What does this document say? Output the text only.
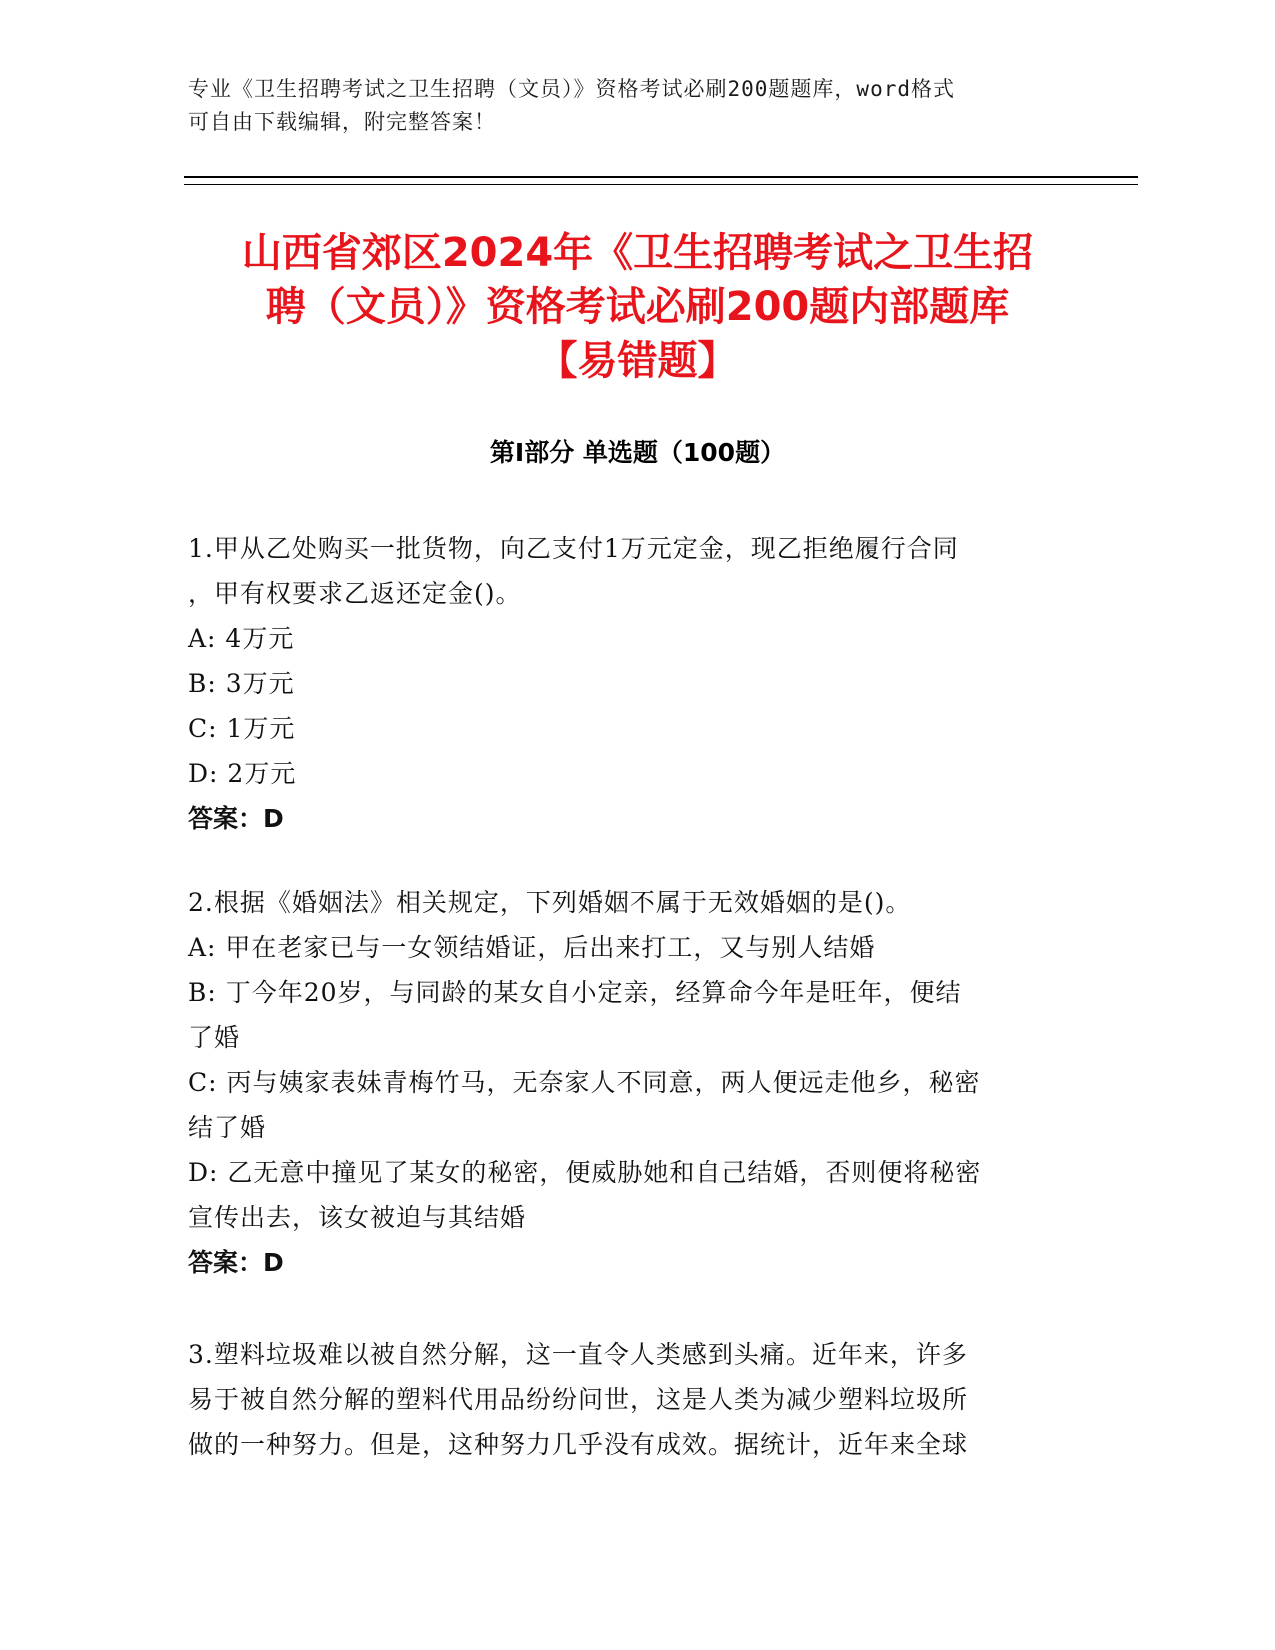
专业《卫生招聘考试之卫生招聘（文员）》资格考试必刷200题题库，word格式
可自由下载编辑，附完整答案！
山西省郊区2024年《卫生招聘考试之卫生招
聘（文员）》资格考试必刷200题内部题库
【易错题】
第I部分 单选题（100题）
1.甲从乙处购买一批货物，向乙支付1万元定金，现乙拒绝履行合同
，甲有权要求乙返还定金()。
A: 4万元
B: 3万元
C: 1万元
D: 2万元
答案：D
2.根据《婚姻法》相关规定，下列婚姻不属于无效婚姻的是()。
A: 甲在老家已与一女领结婚证，后出来打工，又与别人结婚
B: 丁今年20岁，与同龄的某女自小定亲，经算命今年是旺年，便结
了婚
C: 丙与姨家表妹青梅竹马，无奈家人不同意，两人便远走他乡，秘密
结了婚
D: 乙无意中撞见了某女的秘密，便威胁她和自己结婚，否则便将秘密
宣传出去，该女被迫与其结婚
答案：D
3.塑料垃圾难以被自然分解，这一直令人类感到头痛。近年来，许多
易于被自然分解的塑料代用品纷纷问世，这是人类为减少塑料垃圾所
做的一种努力。但是，这种努力几乎没有成效。据统计，近年来全球
